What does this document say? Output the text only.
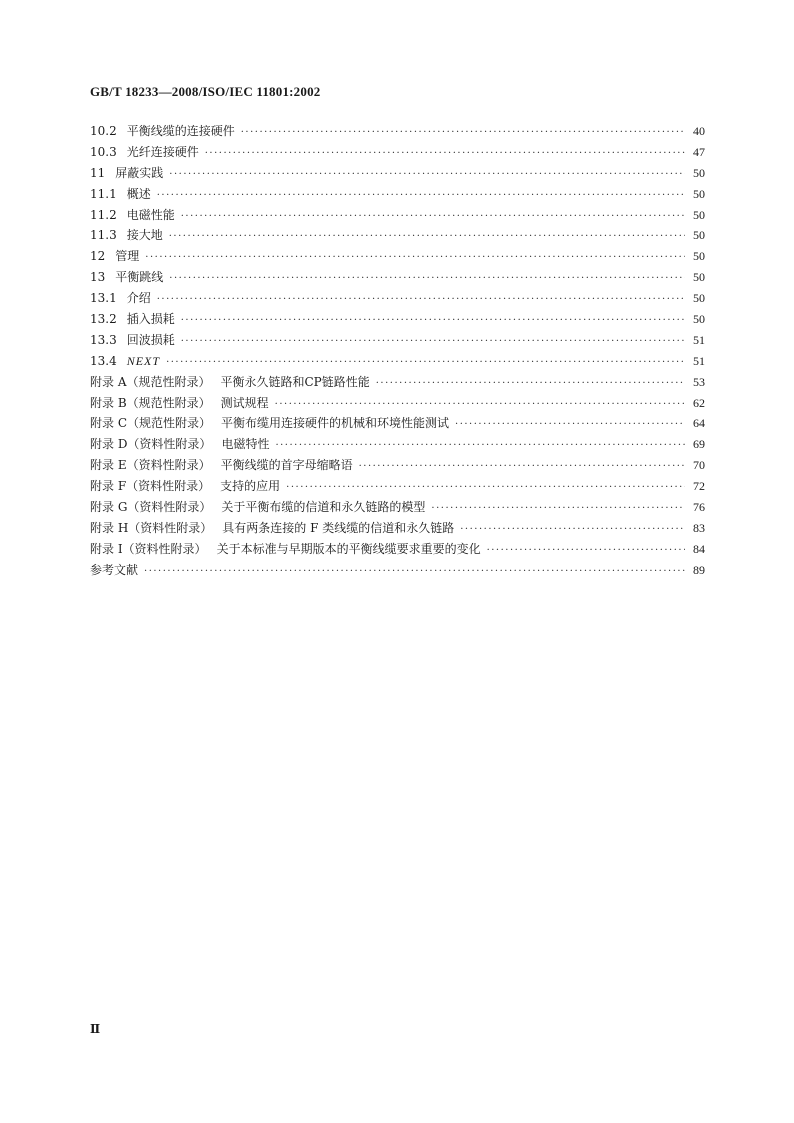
GB/T 18233—2008/ISO/IEC 11801:2002
10.2 平衡线缆的连接硬件 ·····	40
10.3 光纤连接硬件 ·····	47
11 屏蔽实践 ·····	50
11.1 概述 ·····	50
11.2 电磁性能 ·····	50
11.3 接大地 ·····	50
12 管理 ·····	50
13 平衡跳线 ·····	50
13.1 介绍 ·····	50
13.2 插入损耗 ·····	50
13.3 回波损耗 ·····	51
13.4 NEXT ·····	51
附录 A（规范性附录） 平衡永久链路和CP链路性能 ·····	53
附录 B（规范性附录） 测试规程 ·····	62
附录 C（规范性附录） 平衡布缆用连接硬件的机械和环境性能测试 ·····	64
附录 D（资料性附录） 电磁特性 ·····	69
附录 E（资料性附录） 平衡线缆的首字母缩略语 ·····	70
附录 F（资料性附录） 支持的应用 ·····	72
附录 G（资料性附录） 关于平衡布缆的信道和永久链路的模型 ·····	76
附录 H（资料性附录） 具有两条连接的 F 类线缆的信道和永久链路 ·····	83
附录 I（资料性附录） 关于本标准与早期版本的平衡线缆要求重要的变化 ·····	84
参考文献 ·····	89
Ⅱ
